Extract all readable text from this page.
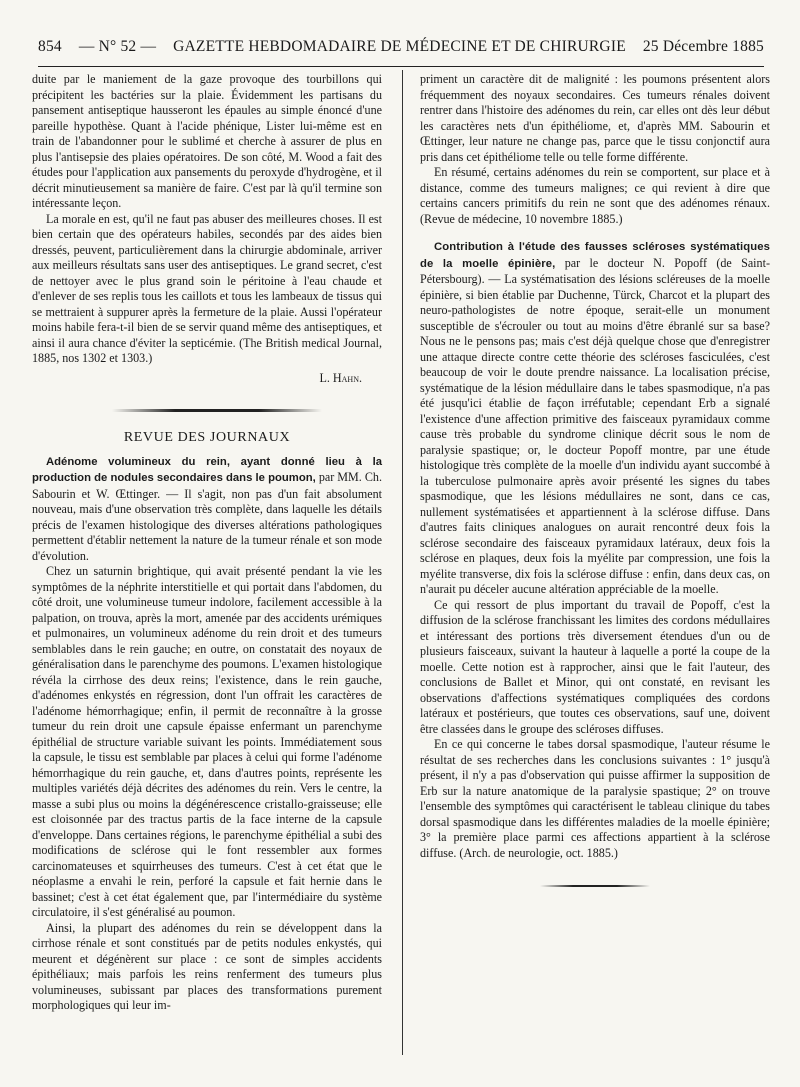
854 — N° 52 — GAZETTE HEBDOMADAIRE DE MÉDECINE ET DE CHIRURGIE 25 Décembre 1885

duite par le maniement de la gaze provoque des tourbillons qui précipitent les bactéries sur la plaie. Évidemment les partisans du pansement antiseptique hausseront les épaules au simple énoncé d'une pareille hypothèse. Quant à l'acide phénique, Lister lui-même est en train de l'abandonner pour le sublimé et cherche à assurer de plus en plus l'antisepsie des plaies opératoires. De son côté, M. Wood a fait des études pour l'application aux pansements du peroxyde d'hydrogène, et il décrit minutieusement sa manière de faire. C'est par là qu'il termine son intéressante leçon.

La morale en est, qu'il ne faut pas abuser des meilleures choses. Il est bien certain que des opérateurs habiles, secondés par des aides bien dressés, peuvent, particulièrement dans la chirurgie abdominale, arriver aux meilleurs résultats sans user des antiseptiques. Le grand secret, c'est de nettoyer avec le plus grand soin le péritoine à l'eau chaude et d'enlever de ses replis tous les caillots et tous les lambeaux de tissus qui se mettraient à suppurer après la fermeture de la plaie. Aussi l'opérateur moins habile fera-t-il bien de se servir quand même des antiseptiques, et ainsi il aura chance d'éviter la septicémie. (The British medical Journal, 1885, nos 1302 et 1303.)

L. Hahn.

REVUE DES JOURNAUX

Adénome volumineux du rein, ayant donné lieu à la production de nodules secondaires dans le poumon, par MM. Ch. Sabourin et W. Œttinger. — Il s'agit, non pas d'un fait absolument nouveau, mais d'une observation très complète, dans laquelle les détails précis de l'examen histologique des diverses altérations pathologiques permettent d'établir nettement la nature de la tumeur rénale et son mode d'évolution.

Chez un saturnin brightique, qui avait présenté pendant la vie les symptômes de la néphrite interstitielle et qui portait dans l'abdomen, du côté droit, une volumineuse tumeur indolore, facilement accessible à la palpation, on trouva, après la mort, amenée par des accidents urémiques et pulmonaires, un volumineux adénome du rein droit et des tumeurs semblables dans le rein gauche; en outre, on constatait des noyaux de généralisation dans le parenchyme des poumons. L'examen histologique révéla la cirrhose des deux reins; l'existence, dans le rein gauche, d'adénomes enkystés en régression, dont l'un offrait les caractères de l'adénome hémorrhagique; enfin, il permit de reconnaître à la grosse tumeur du rein droit une capsule épaisse enfermant un parenchyme épithélial de structure variable suivant les points. Immédiatement sous la capsule, le tissu est semblable par places à celui qui forme l'adénome hémorrhagique du rein gauche, et, dans d'autres points, représente les multiples variétés déjà décrites des adénomes du rein. Vers le centre, la masse a subi plus ou moins la dégénérescence cristallo-graisseuse; elle est cloisonnée par des tractus partis de la face interne de la capsule d'enveloppe. Dans certaines régions, le parenchyme épithélial a subi des modifications de sclérose qui le font ressembler aux formes carcinomateuses et squirrheuses des tumeurs. C'est à cet état que le néoplasme a envahi le rein, perforé la capsule et fait hernie dans le bassinet; c'est à cet état également que, par l'intermédiaire du système circulatoire, il s'est généralisé au poumon.

Ainsi, la plupart des adénomes du rein se développent dans la cirrhose rénale et sont constitués par de petits nodules enkystés, qui meurent et dégénèrent sur place : ce sont de simples accidents épithéliaux; mais parfois les reins renferment des tumeurs plus volumineuses, subissant par places des transformations purement morphologiques qui leur im-

priment un caractère dit de malignité : les poumons présentent alors fréquemment des noyaux secondaires. Ces tumeurs rénales doivent rentrer dans l'histoire des adénomes du rein, car elles ont dès leur début les caractères nets d'un épithéliome, et, d'après MM. Sabourin et Œttinger, leur nature ne change pas, parce que le tissu conjonctif aura pris dans cet épithéliome telle ou telle forme différente.

En résumé, certains adénomes du rein se comportent, sur place et à distance, comme des tumeurs malignes; ce qui revient à dire que certains cancers primitifs du rein ne sont que des adénomes rénaux. (Revue de médecine, 10 novembre 1885.)

Contribution à l'étude des fausses scléroses systématiques de la moelle épinière, par le docteur N. Popoff (de Saint-Pétersbourg). — La systématisation des lésions scléreuses de la moelle épinière, si bien établie par Duchenne, Türck, Charcot et la plupart des neuro-pathologistes de notre époque, serait-elle un monument susceptible de s'écrouler ou tout au moins d'être ébranlé sur sa base? Nous ne le pensons pas; mais c'est déjà quelque chose que d'enregistrer une attaque directe contre cette théorie des scléroses fasciculées, c'est beaucoup de voir le doute prendre naissance. La localisation précise, systématique de la lésion médullaire dans le tabes spasmodique, n'a pas été jusqu'ici établie de façon irréfutable; cependant Erb a signalé l'existence d'une affection primitive des faisceaux pyramidaux comme cause très probable du syndrome clinique décrit sous le nom de paralysie spastique; or, le docteur Popoff montre, par une étude histologique très complète de la moelle d'un individu ayant succombé à la tuberculose pulmonaire après avoir présenté les signes du tabes spasmodique, que les lésions médullaires ne sont, dans ce cas, nullement systématisées et appartiennent à la sclérose diffuse. Dans d'autres faits cliniques analogues on aurait rencontré deux fois la sclérose secondaire des faisceaux pyramidaux latéraux, deux fois la sclérose en plaques, deux fois la myélite par compression, une fois la myélite transverse, dix fois la sclérose diffuse : enfin, dans deux cas, on n'aurait pu déceler aucune altération appréciable de la moelle.

Ce qui ressort de plus important du travail de Popoff, c'est la diffusion de la sclérose franchissant les limites des cordons médullaires et intéressant des portions très diversement étendues d'un ou de plusieurs faisceaux, suivant la hauteur à laquelle a porté la coupe de la moelle. Cette notion est à rapprocher, ainsi que le fait l'auteur, des conclusions de Ballet et Minor, qui ont constaté, en revisant les observations d'affections systématiques compliquées des cordons latéraux et postérieurs, que toutes ces observations, sauf une, doivent être classées dans le groupe des scléroses diffuses.

En ce qui concerne le tabes dorsal spasmodique, l'auteur résume le résultat de ses recherches dans les conclusions suivantes : 1° jusqu'à présent, il n'y a pas d'observation qui puisse affirmer la supposition de Erb sur la nature anatomique de la paralysie spastique; 2° on trouve l'ensemble des symptômes qui caractérisent le tableau clinique du tabes dorsal spasmodique dans les différentes maladies de la moelle épinière; 3° la première place parmi ces affections appartient à la sclérose diffuse. (Arch. de neurologie, oct. 1885.)
